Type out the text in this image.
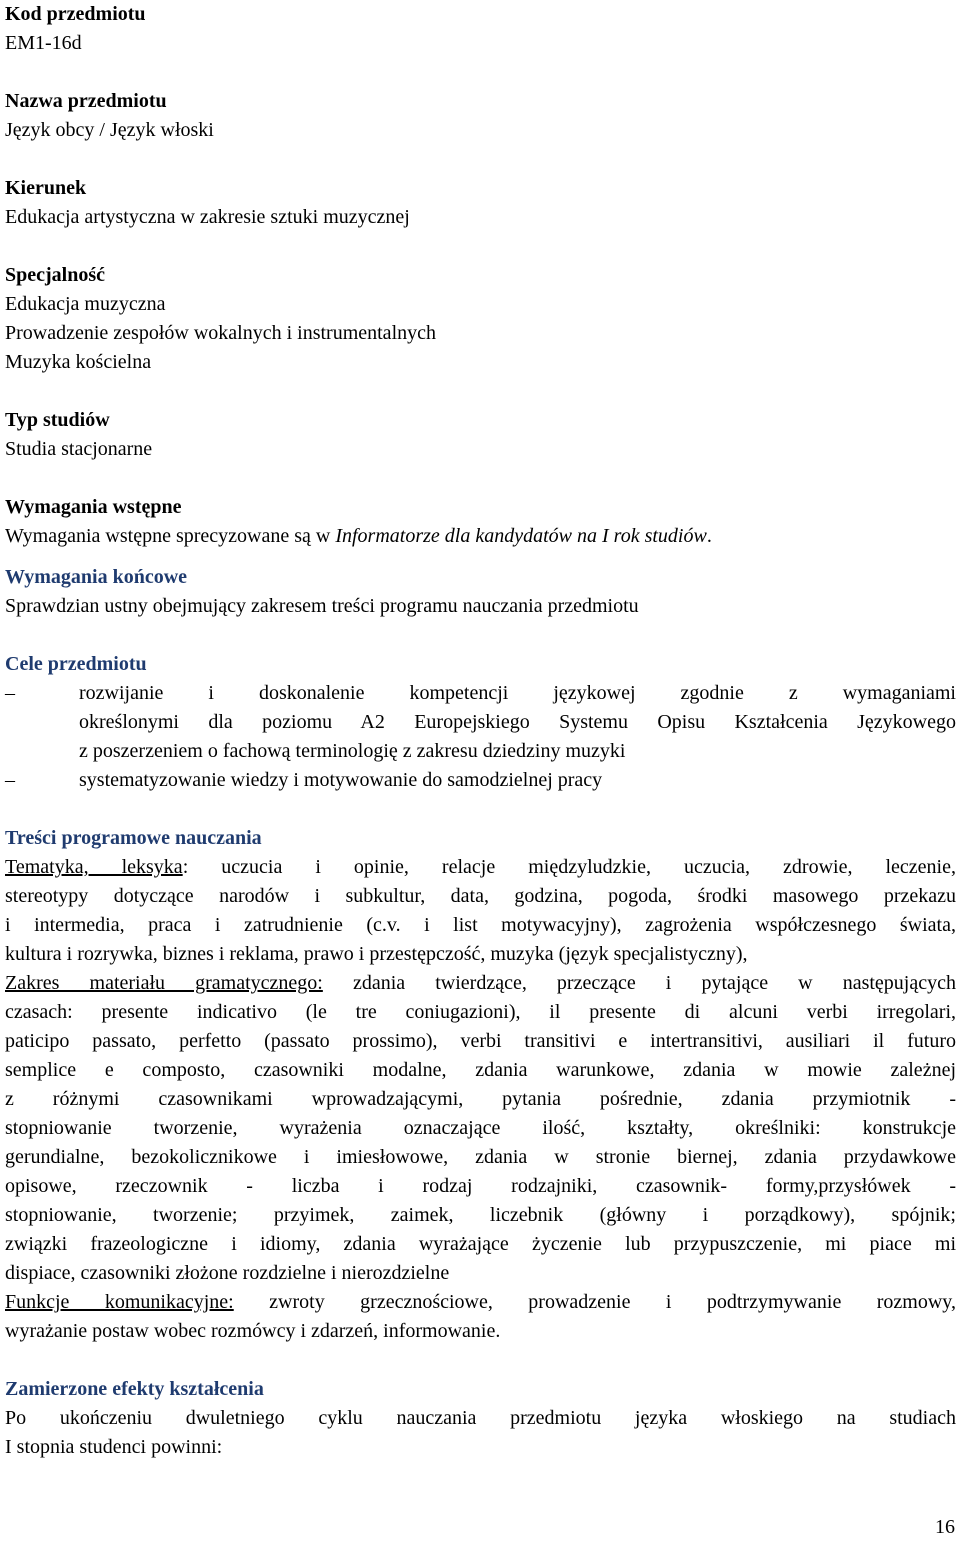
Kod przedmiotu
EM1-16d
Nazwa przedmiotu
Język obcy / Język włoski
Kierunek
Edukacja artystyczna w zakresie sztuki muzycznej
Specjalność
Edukacja muzyczna
Prowadzenie zespołów wokalnych i instrumentalnych
Muzyka kościelna
Typ studiów
Studia stacjonarne
Wymagania wstępne
Wymagania wstępne sprecyzowane są w Informatorze dla kandydatów na I rok studiów.
Wymagania końcowe
Sprawdzian ustny obejmujący zakresem treści programu nauczania przedmiotu
Cele przedmiotu
–	rozwijanie i doskonalenie kompetencji językowej zgodnie z wymaganiami
określonymi dla poziomu A2 Europejskiego Systemu Opisu Kształcenia Językowego
z poszerzeniem o fachową terminologię z zakresu dziedziny muzyki
–	systematyzowanie wiedzy i motywowanie do samodzielnej pracy
Treści programowe nauczania
Tematyka, leksyka: uczucia i opinie, relacje międzyludzkie, uczucia, zdrowie, leczenie,
stereotypy dotyczące narodów i subkultur, data, godzina, pogoda, środki masowego przekazu
i intermedia, praca i zatrudnienie (c.v. i list motywacyjny), zagrożenia współczesnego świata,
kultura i rozrywka, biznes i reklama, prawo i przestępczość, muzyka (język specjalistyczny),
Zakres materiału gramatycznego: zdania twierdzące, przeczące i pytające w następujących
czasach: presente indicativo (le tre coniugazioni), il presente di alcuni verbi irregolari,
paticipo passato, perfetto (passato prossimo), verbi transitivi e intertransitivi, ausiliari il futuro
semplice e composto, czasowniki modalne, zdania warunkowe, zdania w mowie zależnej
z różnymi czasownikami wprowadzającymi, pytania pośrednie, zdania przymiotnik -
stopniowanie tworzenie, wyrażenia oznaczające ilość, kształty, określniki: konstrukcje
gerundialne, bezokolicznikowe i imiesłowowe, zdania w stronie biernej, zdania przydawkowe
opisowe, rzeczownik - liczba i rodzaj rodzajniki, czasownik- formy,przysłówek -
stopniowanie, tworzenie; przyimek, zaimek, liczebnik (główny i porządkowy), spójnik;
związki frazeologiczne i idiomy, zdania wyrażające życzenie lub przypuszczenie, mi piace mi
dispiace, czasowniki złożone rozdzielne i nierozdzielne
Funkcje komunikacyjne: zwroty grzecznościowe, prowadzenie i podtrzymywanie rozmowy,
wyrażanie postaw wobec rozmówcy i zdarzeń, informowanie.
Zamierzone efekty kształcenia
Po ukończeniu dwuletniego cyklu nauczania przedmiotu języka włoskiego na studiach
I stopnia studenci powinni:
16
